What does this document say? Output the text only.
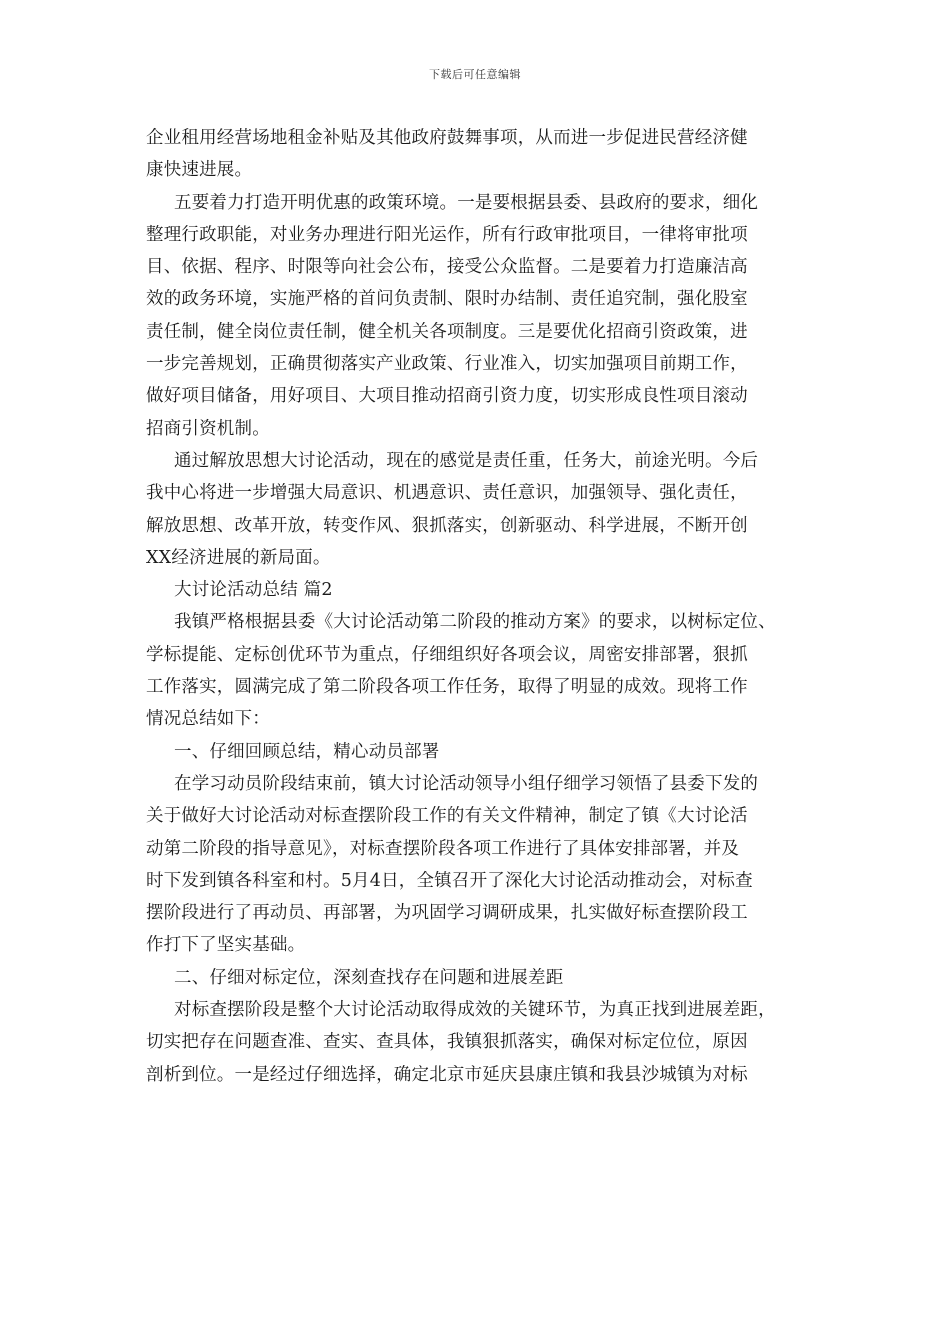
下载后可任意编辑
企业租用经营场地租金补贴及其他政府鼓舞事项，从而进一步促进民营经济健
康快速进展。
五要着力打造开明优惠的政策环境。一是要根据县委、县政府的要求，细化
整理行政职能，对业务办理进行阳光运作，所有行政审批项目，一律将审批项
目、依据、程序、时限等向社会公布，接受公众监督。二是要着力打造廉洁高
效的政务环境，实施严格的首问负责制、限时办结制、责任追究制，强化股室
责任制，健全岗位责任制，健全机关各项制度。三是要优化招商引资政策，进
一步完善规划，正确贯彻落实产业政策、行业准入，切实加强项目前期工作，
做好项目储备，用好项目、大项目推动招商引资力度，切实形成良性项目滚动
招商引资机制。
通过解放思想大讨论活动，现在的感觉是责任重，任务大，前途光明。今后
我中心将进一步增强大局意识、机遇意识、责任意识，加强领导、强化责任，
解放思想、改革开放，转变作风、狠抓落实，创新驱动、科学进展，不断开创
XX经济进展的新局面。
大讨论活动总结 篇2
我镇严格根据县委《大讨论活动第二阶段的推动方案》的要求，以树标定位、
学标提能、定标创优环节为重点，仔细组织好各项会议，周密安排部署，狠抓
工作落实，圆满完成了第二阶段各项工作任务，取得了明显的成效。现将工作
情况总结如下：
一、仔细回顾总结，精心动员部署
在学习动员阶段结束前，镇大讨论活动领导小组仔细学习领悟了县委下发的
关于做好大讨论活动对标查摆阶段工作的有关文件精神，制定了镇《大讨论活
动第二阶段的指导意见》，对标查摆阶段各项工作进行了具体安排部署，并及
时下发到镇各科室和村。5月4日，全镇召开了深化大讨论活动推动会，对标查
摆阶段进行了再动员、再部署，为巩固学习调研成果，扎实做好标查摆阶段工
作打下了坚实基础。
二、仔细对标定位，深刻查找存在问题和进展差距
对标查摆阶段是整个大讨论活动取得成效的关键环节，为真正找到进展差距，
切实把存在问题查准、查实、查具体，我镇狠抓落实，确保对标定位位，原因
剖析到位。一是经过仔细选择，确定北京市延庆县康庄镇和我县沙城镇为对标
